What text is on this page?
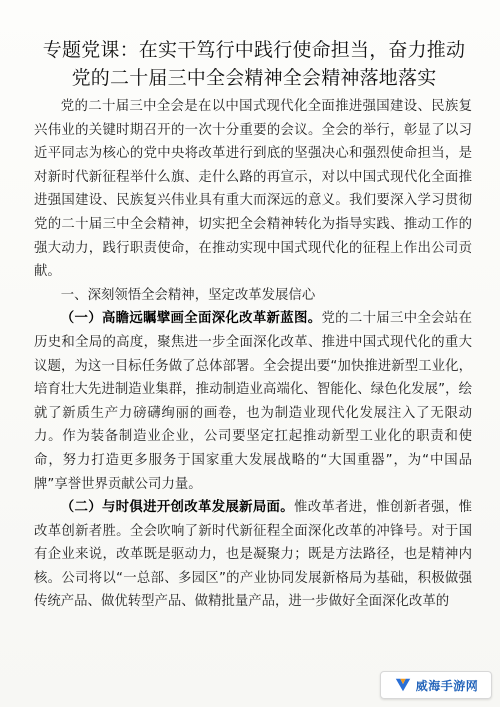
专题党课：在实干笃行中践行使命担当，奋力推动党的二十届三中全会精神全会精神落地落实

党的二十届三中全会是在以中国式现代化全面推进强国建设、民族复兴伟业的关键时期召开的一次十分重要的会议。全会的举行，彰显了以习近平同志为核心的党中央将改革进行到底的坚强决心和强烈使命担当，是对新时代新征程举什么旗、走什么路的再宣示，对以中国式现代化全面推进强国建设、民族复兴伟业具有重大而深远的意义。我们要深入学习贯彻党的二十届三中全会精神，切实把全会精神转化为指导实践、推动工作的强大动力，践行职责使命，在推动实现中国式现代化的征程上作出公司贡献。

一、深刻领悟全会精神，坚定改革发展信心

（一）高瞻远瞩擘画全面深化改革新蓝图。党的二十届三中全会站在历史和全局的高度，聚焦进一步全面深化改革、推进中国式现代化的重大议题，为这一目标任务做了总体部署。全会提出要“加快推进新型工业化，培育壮大先进制造业集群，推动制造业高端化、智能化、绿色化发展”，绘就了新质生产力磅礴绚丽的画卷，也为制造业现代化发展注入了无限动力。作为装备制造业企业，公司要坚定扛起推动新型工业化的职责和使命，努力打造更多服务于国家重大发展战略的“大国重器”，为“中国品牌”享誉世界贡献公司力量。

（二）与时俱进开创改革发展新局面。惟改革者进，惟创新者强，惟改革创新者胜。全会吹响了新时代新征程全面深化改革的冲锋号。对于国有企业来说，改革既是驱动力，也是凝聚力；既是方法路径，也是精神内核。公司将以“一总部、多园区”的产业协同发展新格局为基础，积极做强传统产品、做优转型产品、做精批量产品，进一步做好全面深化改革的

威海手游网
